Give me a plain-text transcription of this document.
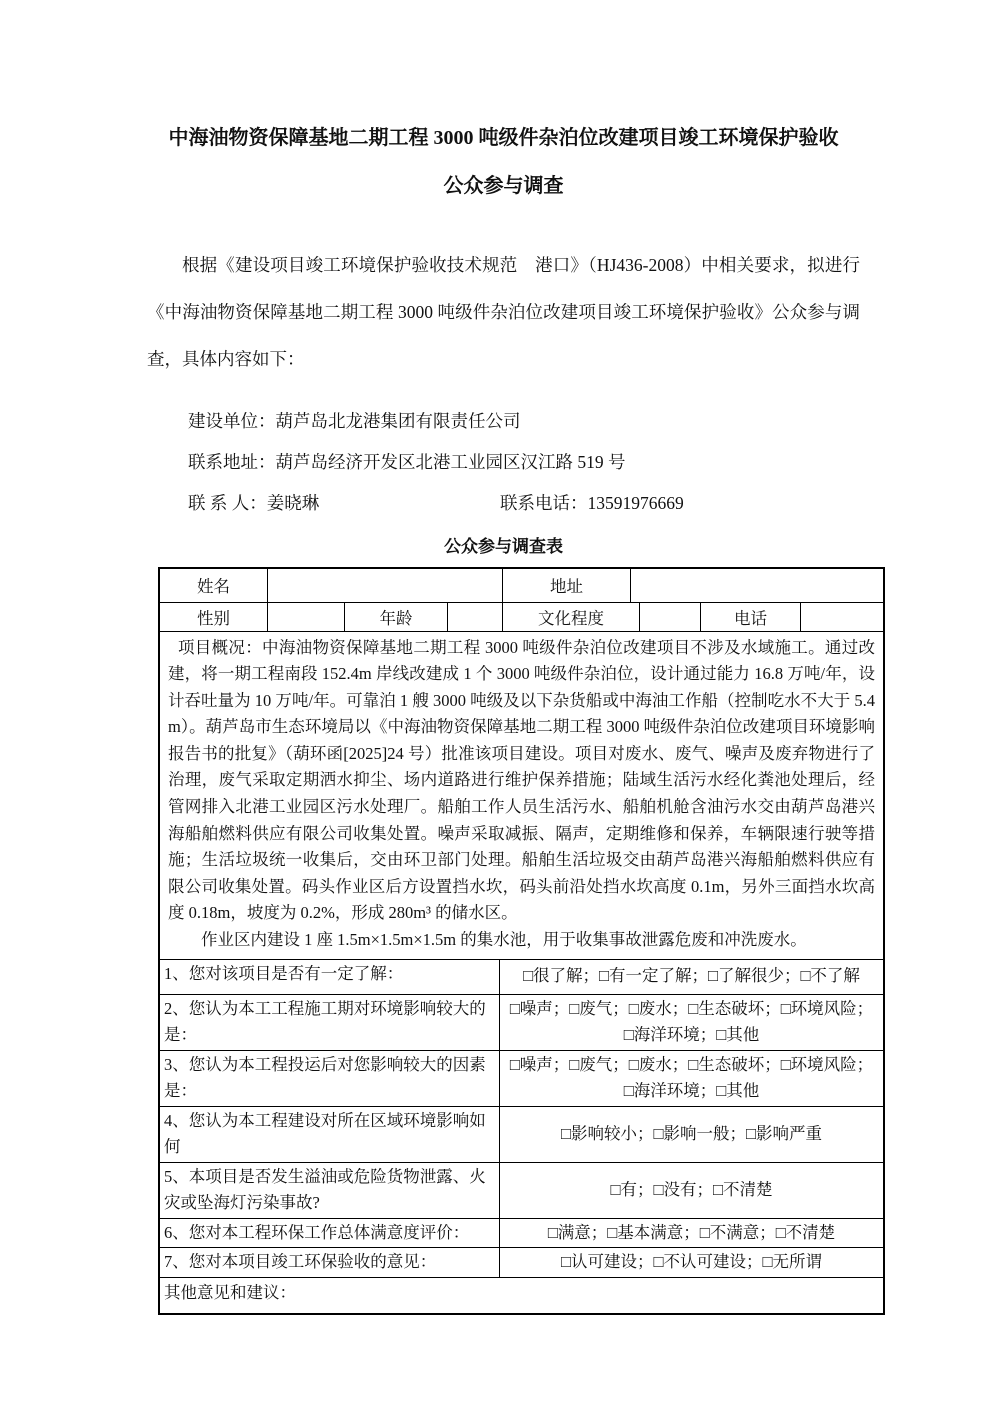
中海油物资保障基地二期工程 3000 吨级件杂泊位改建项目竣工环境保护验收
公众参与调查

根据《建设项目竣工环境保护验收技术规范　港口》（HJ436-2008）中相关要求，拟进行《中海油物资保障基地二期工程 3000 吨级件杂泊位改建项目竣工环境保护验收》公众参与调查，具体内容如下：

建设单位：葫芦岛北龙港集团有限责任公司
联系地址：葫芦岛经济开发区北港工业园区汉江路 519 号
联 系 人：姜晓琳	联系电话：13591976669
公众参与调查表
姓名	地址
性别	年龄	文化程度	电话

项目概况：中海油物资保障基地二期工程 3000 吨级件杂泊位改建项目不涉及水域施工。通过改建，将一期工程南段 152.4m 岸线改建成 1 个 3000 吨级件杂泊位，设计通过能力 16.8 万吨/年，设计吞吐量为 10 万吨/年。可靠泊 1 艘 3000 吨级及以下杂货船或中海油工作船（控制吃水不大于 5.4m）。葫芦岛市生态环境局以《中海油物资保障基地二期工程 3000 吨级件杂泊位改建项目环境影响报告书的批复》（葫环函[2025]24 号）批准该项目建设。项目对废水、废气、噪声及废弃物进行了治理，废气采取定期洒水抑尘、场内道路进行维护保养措施；陆域生活污水经化粪池处理后，经管网排入北港工业园区污水处理厂。船舶工作人员生活污水、船舶机舱含油污水交由葫芦岛港兴海船舶燃料供应有限公司收集处置。噪声采取减振、隔声，定期维修和保养，车辆限速行驶等措施；生活垃圾统一收集后，交由环卫部门处理。船舶生活垃圾交由葫芦岛港兴海船舶燃料供应有限公司收集处置。码头作业区后方设置挡水坎，码头前沿处挡水坎高度 0.1m，另外三面挡水坎高度 0.18m，坡度为 0.2%，形成 280m³ 的储水区。

作业区内建设 1 座 1.5m×1.5m×1.5m 的集水池，用于收集事故泄露危废和冲洗废水。

1、您对该项目是否有一定了解：	□很了解； □有一定了解； □了解很少； □不了解
2、您认为本工工程施工期对环境影响较大的是：
□噪声； □废气； □废水； □生态破坏； □环境风险；
□海洋环境； □其他
3、您认为本工程投运后对您影响较大的因素是：
□噪声； □废气； □废水； □生态破坏； □环境风险；
□海洋环境； □其他
4、您认为本工程建设对所在区域环境影响如何
□影响较小； □影响一般； □影响严重
5、本项目是否发生溢油或危险货物泄露、火灾或坠海灯污染事故?
□有； □没有； □不清楚
6、您对本工程环保工作总体满意度评价：	□满意； □基本满意； □不满意； □不清楚
7、您对本项目竣工环保验收的意见：	□认可建设； □不认可建设； □无所谓
其他意见和建议：
